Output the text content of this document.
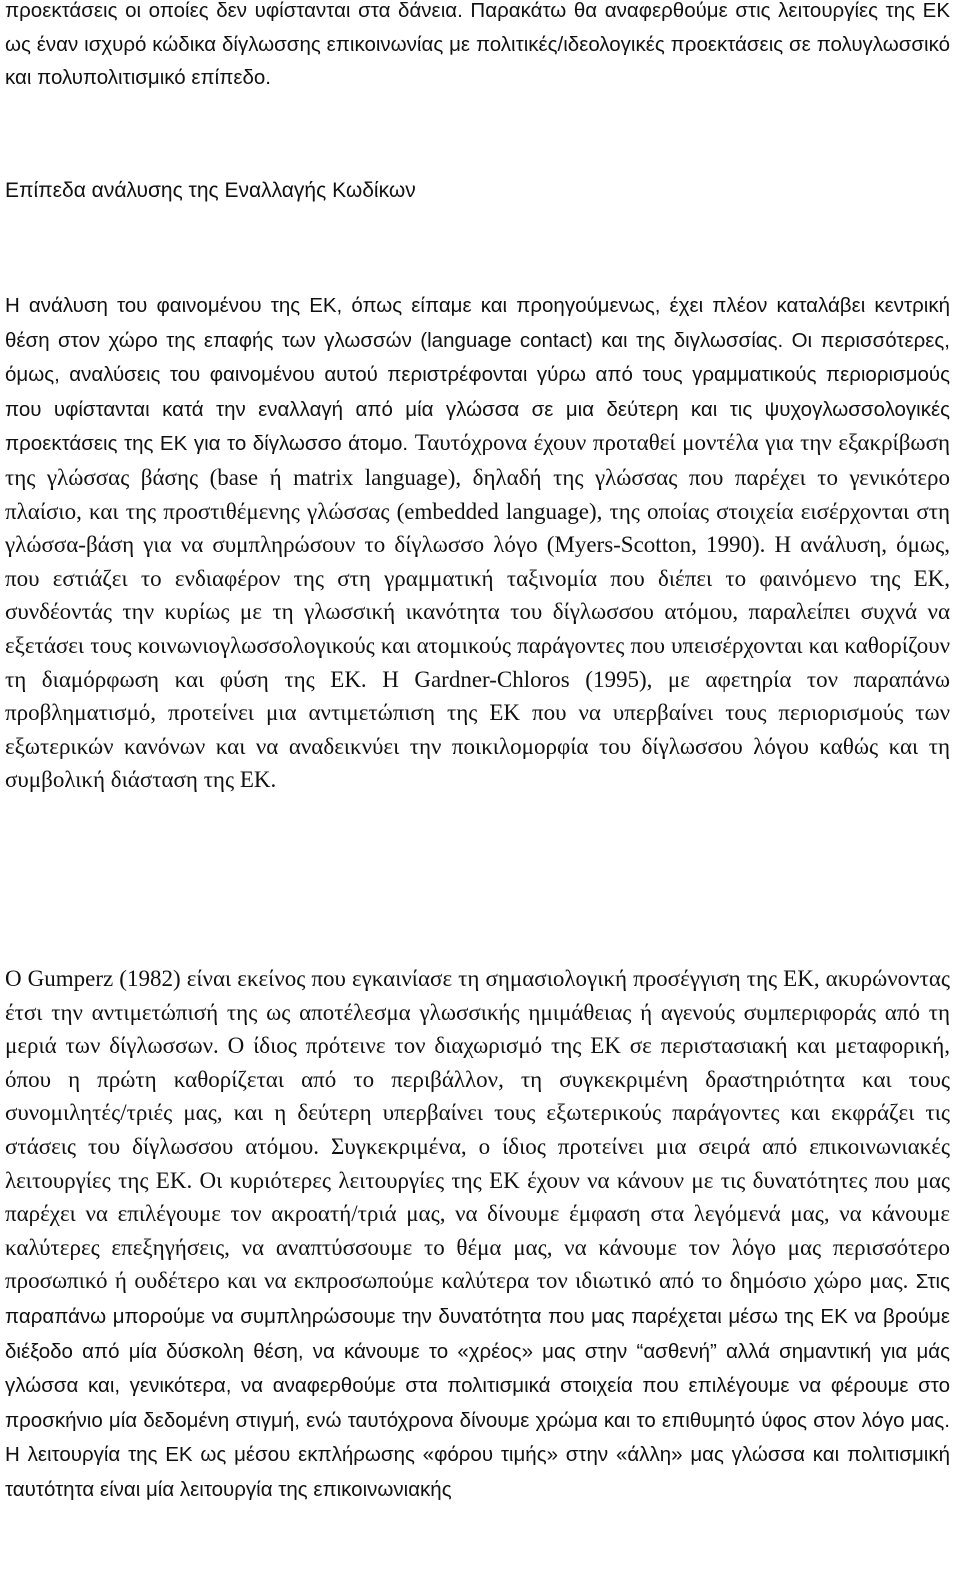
προεκτάσεις οι οποίες δεν υφίστανται στα δάνεια. Παρακάτω θα αναφερθούμε στις λειτουργίες της ΕΚ ως έναν ισχυρό κώδικα δίγλωσσης επικοινωνίας με πολιτικές/ιδεολογικές προεκτάσεις σε πολυγλωσσικό και πολυπολιτισμικό επίπεδο.

Επίπεδα ανάλυσης της Εναλλαγής Κωδίκων

Η ανάλυση του φαινομένου της ΕΚ, όπως είπαμε και προηγούμενως, έχει πλέον καταλάβει κεντρική θέση στον χώρο της επαφής των γλωσσών (language contact) και της διγλωσσίας. Οι περισσότερες, όμως, αναλύσεις του φαινομένου αυτού περιστρέφονται γύρω από τους γραμματικούς περιορισμούς που υφίστανται κατά την εναλλαγή από μία γλώσσα σε μια δεύτερη και τις ψυχογλωσσολογικές προεκτάσεις της ΕΚ για το δίγλωσσο άτομο. Ταυτόχρονα έχουν προταθεί μοντέλα για την εξακρίβωση της γλώσσας βάσης (base ή matrix language), δηλαδή της γλώσσας που παρέχει το γενικότερο πλαίσιο, και της προστιθέμενης γλώσσας (embedded language), της οποίας στοιχεία εισέρχονται στη γλώσσα-βάση για να συμπληρώσουν το δίγλωσσο λόγο (Myers-Scotton, 1990). Η ανάλυση, όμως, που εστιάζει το ενδιαφέρον της στη γραμματική ταξινομία που διέπει το φαινόμενο της ΕΚ, συνδέοντάς την κυρίως με τη γλωσσική ικανότητα του δίγλωσσου ατόμου, παραλείπει συχνά να εξετάσει τους κοινωνιογλωσσολογικούς και ατομικούς παράγοντες που υπεισέρχονται και καθορίζουν τη διαμόρφωση και φύση της ΕΚ. Η Gardner-Chloros (1995), με αφετηρία τον παραπάνω προβληματισμό, προτείνει μια αντιμετώπιση της ΕΚ που να υπερβαίνει τους περιορισμούς των εξωτερικών κανόνων και να αναδεικνύει την ποικιλομορφία του δίγλωσσου λόγου καθώς και τη συμβολική διάσταση της ΕΚ.

Ο Gumperz (1982) είναι εκείνος που εγκαινίασε τη σημασιολογική προσέγγιση της ΕΚ, ακυρώνοντας έτσι την αντιμετώπισή της ως αποτέλεσμα γλωσσικής ημιμάθειας ή αγενούς συμπεριφοράς από τη μεριά των δίγλωσσων. Ο ίδιος πρότεινε τον διαχωρισμό της ΕΚ σε περιστασιακή και μεταφορική, όπου η πρώτη καθορίζεται από το περιβάλλον, τη συγκεκριμένη δραστηριότητα και τους συνομιλητές/τριές μας, και η δεύτερη υπερβαίνει τους εξωτερικούς παράγοντες και εκφράζει τις στάσεις του δίγλωσσου ατόμου. Συγκεκριμένα, ο ίδιος προτείνει μια σειρά από επικοινωνιακές λειτουργίες της ΕΚ. Οι κυριότερες λειτουργίες της ΕΚ έχουν να κάνουν με τις δυνατότητες που μας παρέχει να επιλέγουμε τον ακροατή/τριά μας, να δίνουμε έμφαση στα λεγόμενά μας, να κάνουμε καλύτερες επεξηγήσεις, να αναπτύσσουμε το θέμα μας, να κάνουμε τον λόγο μας περισσότερο προσωπικό ή ουδέτερο και να εκπροσωπούμε καλύτερα τον ιδιωτικό από το δημόσιο χώρο μας. Στις παραπάνω μπορούμε να συμπληρώσουμε την δυνατότητα που μας παρέχεται μέσω της ΕΚ να βρούμε διέξοδο από μία δύσκολη θέση, να κάνουμε το «χρέος» μας στην “ασθενή” αλλά σημαντική για μάς γλώσσα και, γενικότερα, να αναφερθούμε στα πολιτισμικά στοιχεία που επιλέγουμε να φέρουμε στο προσκήνιο μία δεδομένη στιγμή, ενώ ταυτόχρονα δίνουμε χρώμα και το επιθυμητό ύφος στον λόγο μας. Η λειτουργία της ΕΚ ως μέσου εκπλήρωσης «φόρου τιμής» στην «άλλη» μας γλώσσα και πολιτισμική ταυτότητα είναι μία λειτουργία της επικοινωνιακής
